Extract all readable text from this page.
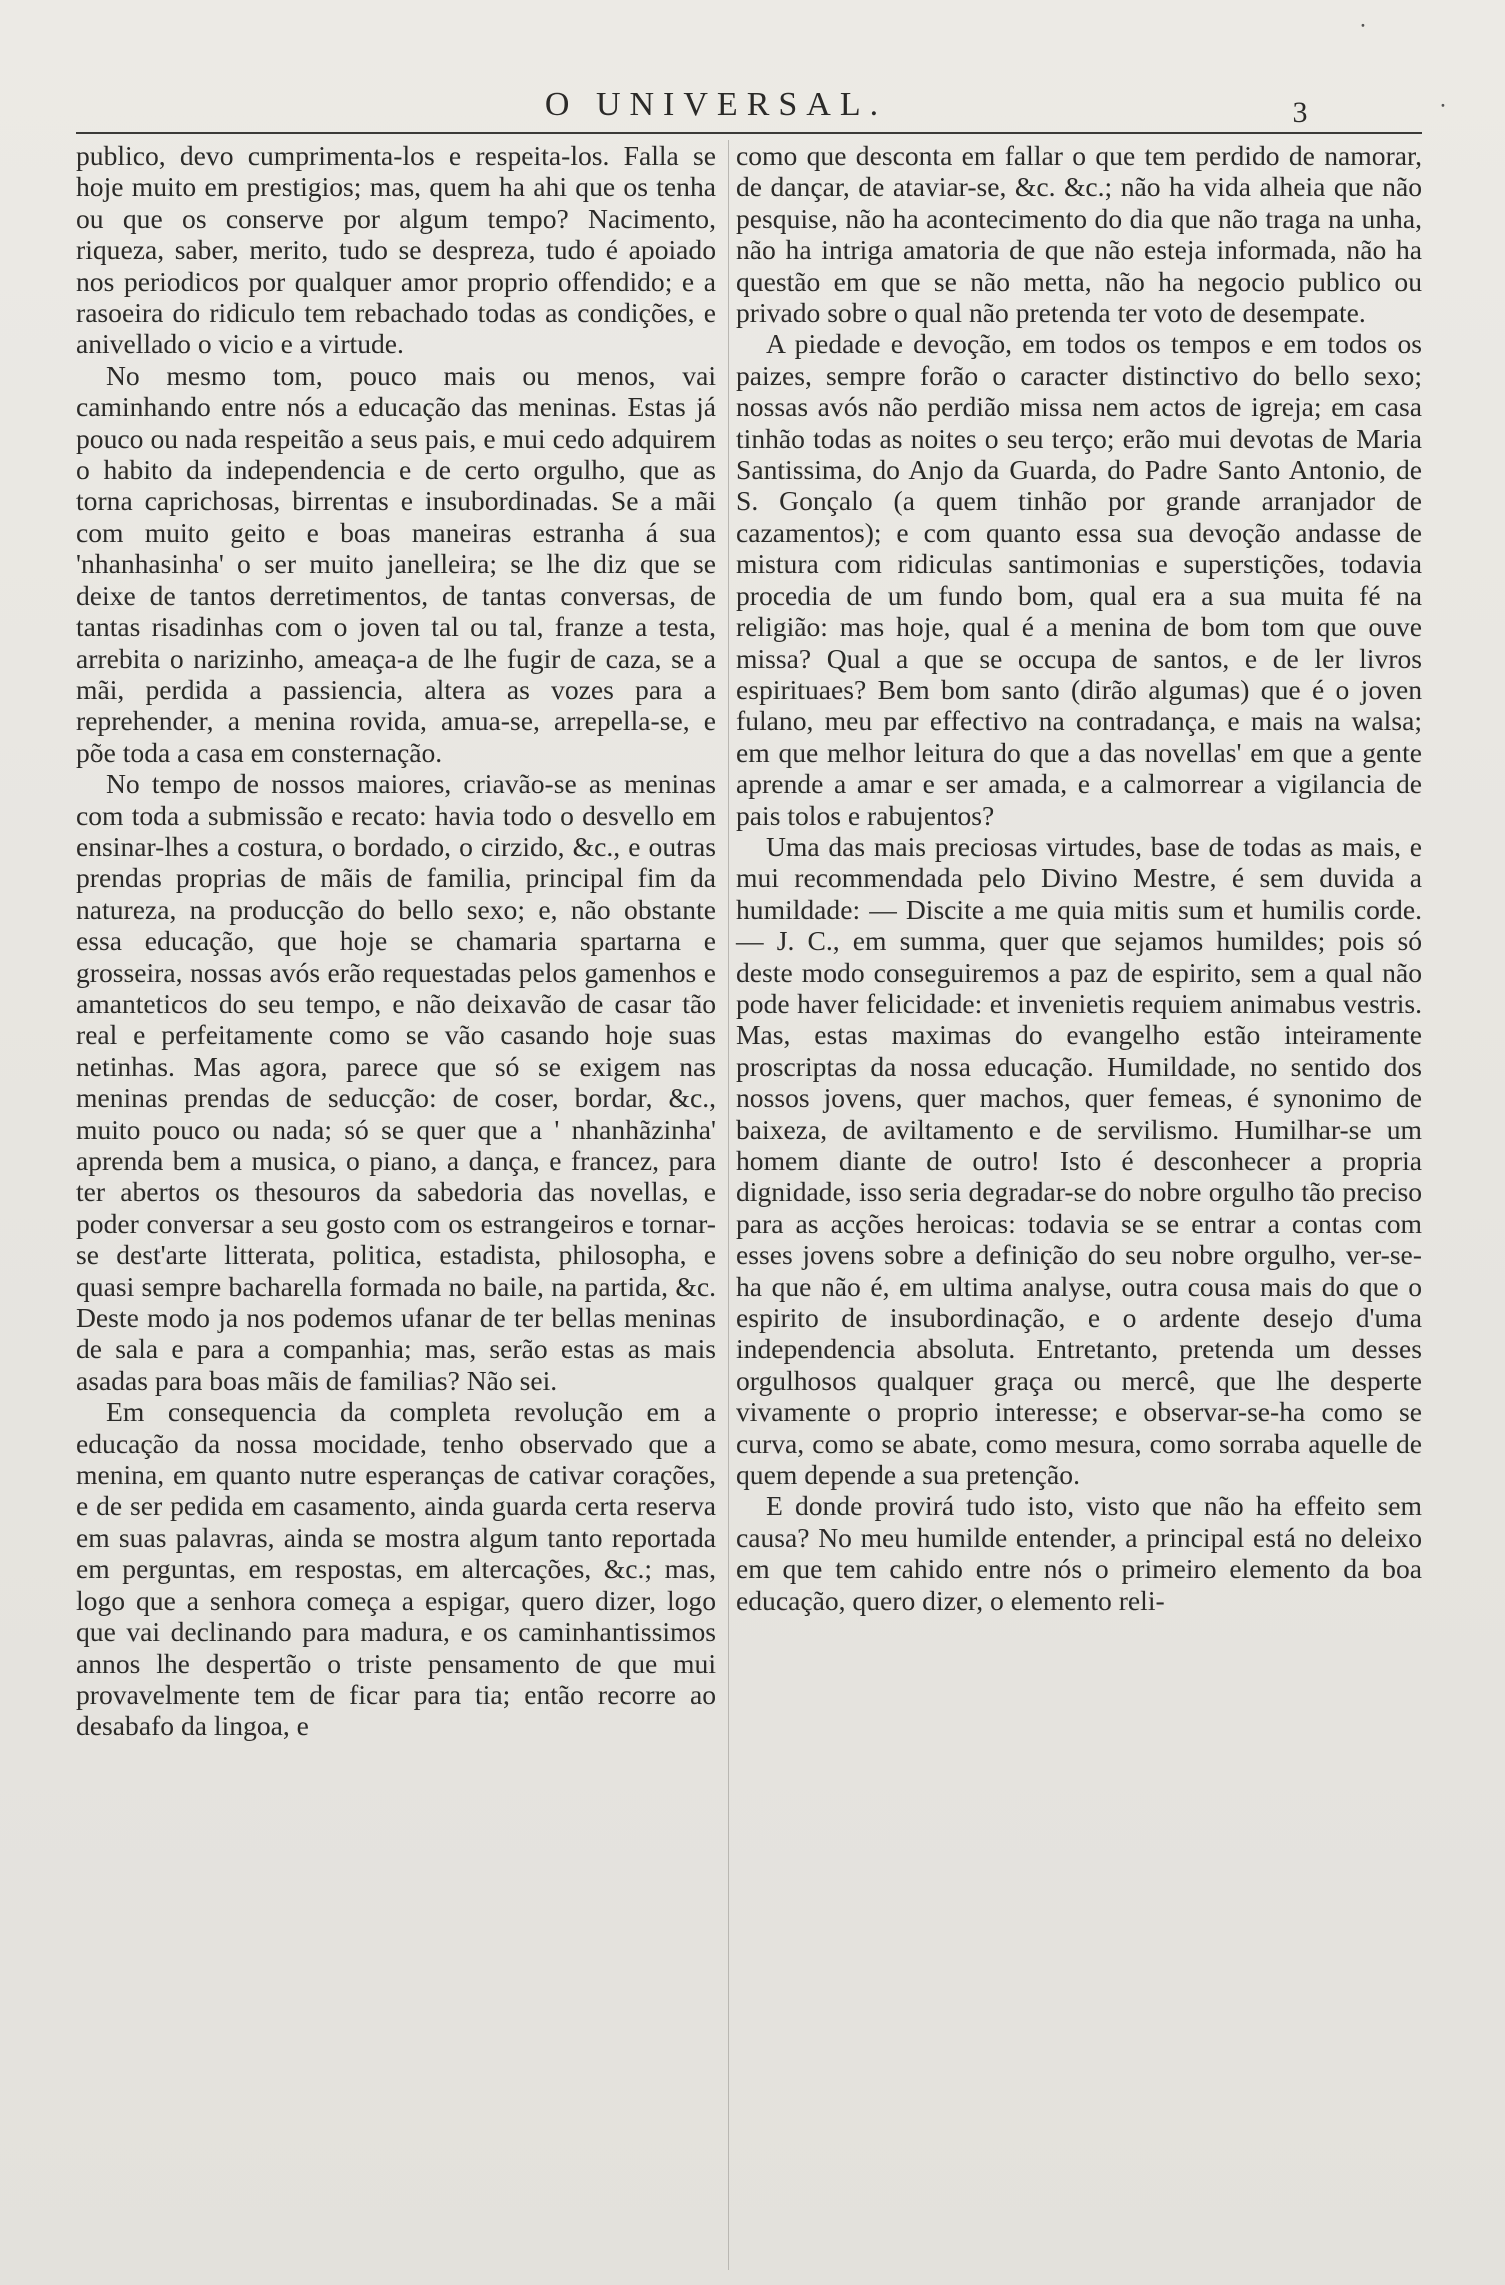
O UNIVERSAL.	3

publico, devo cumprimenta-los e respeita-los. Falla se hoje muito em prestigios; mas, quem ha ahi que os tenha ou que os conserve por algum tempo? Nacimento, riqueza, saber, merito, tudo se despreza, tudo é apoiado nos periodicos por qualquer amor proprio offendido; e a rasoeira do ridiculo tem rebachado todas as condições, e anivellado o vicio e a virtude.

No mesmo tom, pouco mais ou menos, vai caminhando entre nós a educação das meninas. Estas já pouco ou nada respeitão a seus pais, e mui cedo adquirem o habito da independencia e de certo orgulho, que as torna caprichosas, birrentas e insubordinadas. Se a mãi com muito geito e boas maneiras estranha á sua 'nhanhasinha' o ser muito janelleira; se lhe diz que se deixe de tantos derretimentos, de tantas conversas, de tantas risadinhas com o joven tal ou tal, franze a testa, arrebita o narizinho, ameaça-a de lhe fugir de caza, se a mãi, perdida a passiencia, altera as vozes para a reprehender, a menina rovida, amua-se, arrepella-se, e põe toda a casa em consternação.

No tempo de nossos maiores, criavão-se as meninas com toda a submissão e recato: havia todo o desvello em ensinar-lhes a costura, o bordado, o cirzido, &c., e outras prendas proprias de mãis de familia, principal fim da natureza, na producção do bello sexo; e, não obstante essa educação, que hoje se chamaria spartarna e grosseira, nossas avós erão requestadas pelos gamenhos e amanteticos do seu tempo, e não deixavão de casar tão real e perfeitamente como se vão casando hoje suas netinhas. Mas agora, parece que só se exigem nas meninas prendas de seducção: de coser, bordar, &c., muito pouco ou nada; só se quer que a ' nhanhãzinha' aprenda bem a musica, o piano, a dança, e francez, para ter abertos os thesouros da sabedoria das novellas, e poder conversar a seu gosto com os estrangeiros e tornar-se dest'arte litterata, politica, estadista, philosopha, e quasi sempre bacharella formada no baile, na partida, &c. Deste modo ja nos podemos ufanar de ter bellas meninas de sala e para a companhia; mas, serão estas as mais asadas para boas mãis de familias? Não sei.

Em consequencia da completa revolução em a educação da nossa mocidade, tenho observado que a menina, em quanto nutre esperanças de cativar corações, e de ser pedida em casamento, ainda guarda certa reserva em suas palavras, ainda se mostra algum tanto reportada em perguntas, em respostas, em altercações, &c.; mas, logo que a senhora começa a espigar, quero dizer, logo que vai declinando para madura, e os caminhantissimos annos lhe despertão o triste pensamento de que mui provavelmente tem de ficar para tia; então recorre ao desabafo da lingoa, e

como que desconta em fallar o que tem perdido de namorar, de dançar, de ataviar-se, &c. &c.; não ha vida alheia que não pesquise, não ha acontecimento do dia que não traga na unha, não ha intriga amatoria de que não esteja informada, não ha questão em que se não metta, não ha negocio publico ou privado sobre o qual não pretenda ter voto de desempate.

A piedade e devoção, em todos os tempos e em todos os paizes, sempre forão o caracter distinctivo do bello sexo; nossas avós não perdião missa nem actos de igreja; em casa tinhão todas as noites o seu terço; erão mui devotas de Maria Santissima, do Anjo da Guarda, do Padre Santo Antonio, de S. Gonçalo (a quem tinhão por grande arranjador de cazamentos); e com quanto essa sua devoção andasse de mistura com ridiculas santimonias e superstições, todavia procedia de um fundo bom, qual era a sua muita fé na religião: mas hoje, qual é a menina de bom tom que ouve missa? Qual a que se occupa de santos, e de ler livros espirituaes? Bem bom santo (dirão algumas) que é o joven fulano, meu par effectivo na contradança, e mais na walsa; em que melhor leitura do que a das novellas' em que a gente aprende a amar e ser amada, e a calmorrear a vigilancia de pais tolos e rabujentos?

Uma das mais preciosas virtudes, base de todas as mais, e mui recommendada pelo Divino Mestre, é sem duvida a humildade: — Discite a me quia mitis sum et humilis corde. — J. C., em summa, quer que sejamos humildes; pois só deste modo conseguiremos a paz de espirito, sem a qual não pode haver felicidade: et invenietis requiem animabus vestris. Mas, estas maximas do evangelho estão inteiramente proscriptas da nossa educação. Humildade, no sentido dos nossos jovens, quer machos, quer femeas, é synonimo de baixeza, de aviltamento e de servilismo. Humilhar-se um homem diante de outro! Isto é desconhecer a propria dignidade, isso seria degradar-se do nobre orgulho tão preciso para as acções heroicas: todavia se se entrar a contas com esses jovens sobre a definição do seu nobre orgulho, ver-se-ha que não é, em ultima analyse, outra cousa mais do que o espirito de insubordinação, e o ardente desejo d'uma independencia absoluta. Entretanto, pretenda um desses orgulhosos qualquer graça ou mercê, que lhe desperte vivamente o proprio interesse; e observar-se-ha como se curva, como se abate, como mesura, como sorraba aquelle de quem depende a sua pretenção.

E donde provirá tudo isto, visto que não ha effeito sem causa? No meu humilde entender, a principal está no deleixo em que tem cahido entre nós o primeiro elemento da boa educação, quero dizer, o elemento reli-

⸱
⸱
